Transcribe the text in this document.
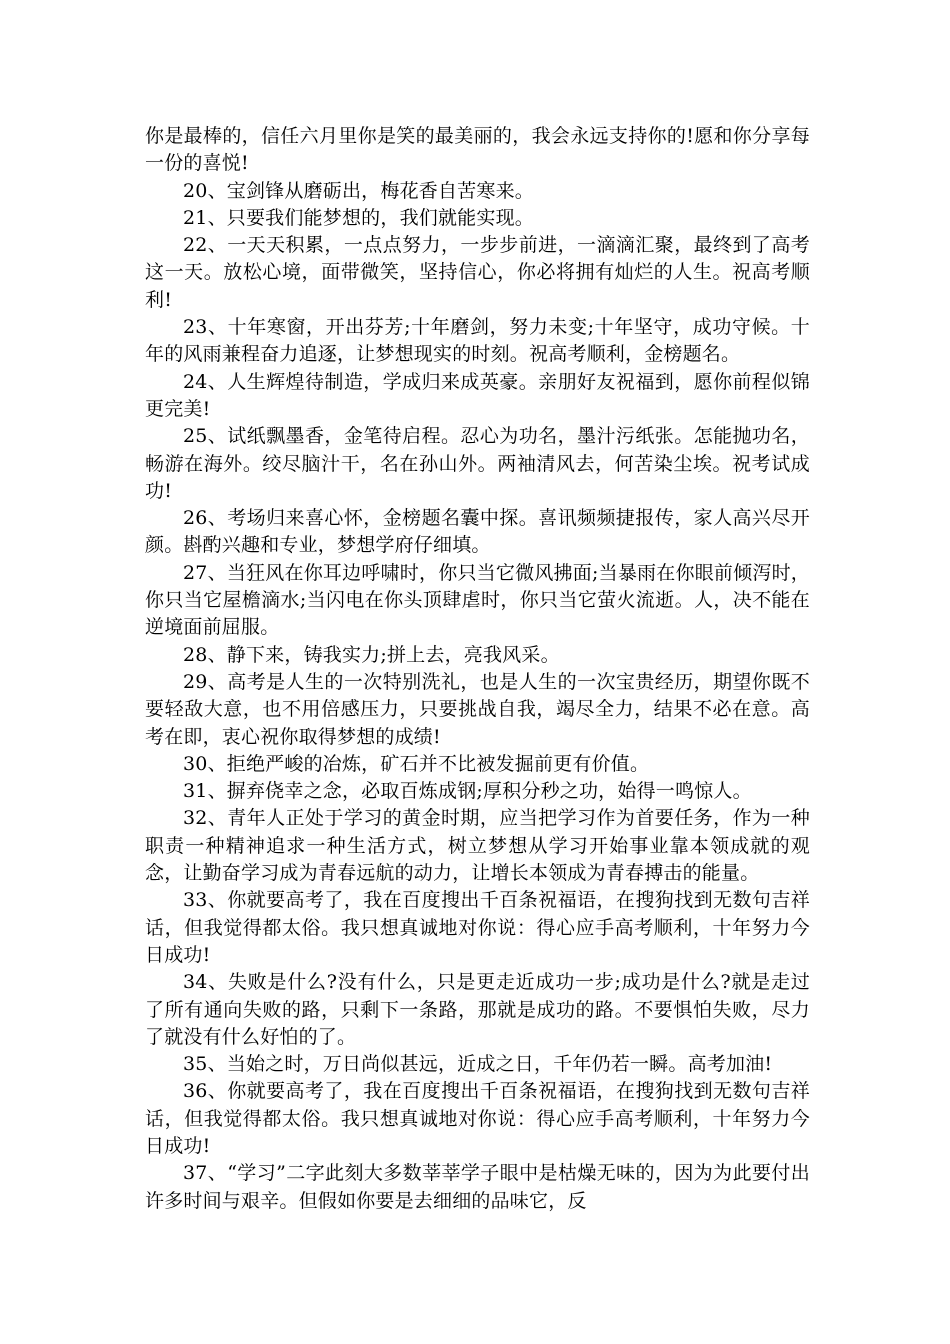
你是最棒的，信任六月里你是笑的最美丽的，我会永远支持你的!愿和你分享每一份的喜悦!

20、宝剑锋从磨砺出，梅花香自苦寒来。

21、只要我们能梦想的，我们就能实现。

22、一天天积累，一点点努力，一步步前进，一滴滴汇聚，最终到了高考这一天。放松心境，面带微笑，坚持信心，你必将拥有灿烂的人生。祝高考顺利!

23、十年寒窗，开出芬芳;十年磨剑，努力未变;十年坚守，成功守候。十年的风雨兼程奋力追逐，让梦想现实的时刻。祝高考顺利，金榜题名。

24、人生辉煌待制造，学成归来成英豪。亲朋好友祝福到，愿你前程似锦更完美!

25、试纸飘墨香，金笔待启程。忍心为功名，墨汁污纸张。怎能抛功名，畅游在海外。绞尽脑汁干，名在孙山外。两袖清风去，何苦染尘埃。祝考试成功!

26、考场归来喜心怀，金榜题名囊中探。喜讯频频捷报传，家人高兴尽开颜。斟酌兴趣和专业，梦想学府仔细填。

27、当狂风在你耳边呼啸时，你只当它微风拂面;当暴雨在你眼前倾泻时，你只当它屋檐滴水;当闪电在你头顶肆虐时，你只当它萤火流逝。人，决不能在逆境面前屈服。

28、静下来，铸我实力;拼上去，亮我风采。

29、高考是人生的一次特别洗礼，也是人生的一次宝贵经历，期望你既不要轻敌大意，也不用倍感压力，只要挑战自我，竭尽全力，结果不必在意。高考在即，衷心祝你取得梦想的成绩!

30、拒绝严峻的冶炼，矿石并不比被发掘前更有价值。

31、摒弃侥幸之念，必取百炼成钢;厚积分秒之功，始得一鸣惊人。

32、青年人正处于学习的黄金时期，应当把学习作为首要任务，作为一种职责一种精神追求一种生活方式，树立梦想从学习开始事业靠本领成就的观念，让勤奋学习成为青春远航的动力，让增长本领成为青春搏击的能量。

33、你就要高考了，我在百度搜出千百条祝福语，在搜狗找到无数句吉祥话，但我觉得都太俗。我只想真诚地对你说：得心应手高考顺利，十年努力今日成功!

34、失败是什么?没有什么，只是更走近成功一步;成功是什么?就是走过了所有通向失败的路，只剩下一条路，那就是成功的路。不要惧怕失败，尽力了就没有什么好怕的了。

35、当始之时，万日尚似甚远，近成之日，千年仍若一瞬。高考加油!

36、你就要高考了，我在百度搜出千百条祝福语，在搜狗找到无数句吉祥话，但我觉得都太俗。我只想真诚地对你说：得心应手高考顺利，十年努力今日成功!

37、“学习”二字此刻大多数莘莘学子眼中是枯燥无味的，因为为此要付出许多时间与艰辛。但假如你要是去细细的品味它，反
